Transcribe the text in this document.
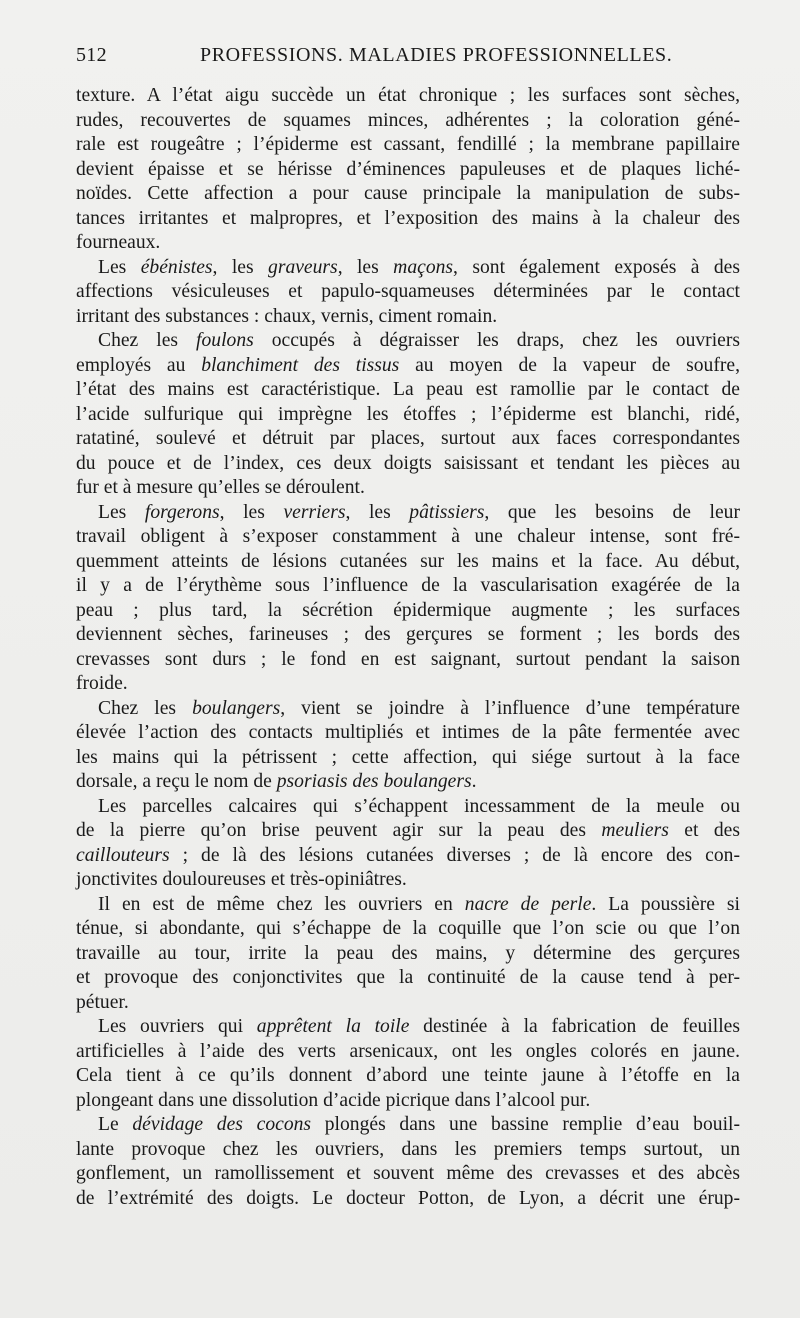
512	PROFESSIONS. MALADIES PROFESSIONNELLES.
texture. A l’état aigu succède un état chronique ; les surfaces sont sèches,
rudes, recouvertes de squames minces, adhérentes ; la coloration géné-
rale est rougeâtre ; l’épiderme est cassant, fendillé ; la membrane papillaire
devient épaisse et se hérisse d’éminences papuleuses et de plaques liché-
noïdes. Cette affection a pour cause principale la manipulation de subs-
tances irritantes et malpropres, et l’exposition des mains à la chaleur des
fourneaux.
Les ébénistes, les graveurs, les maçons, sont également exposés à des
affections vésiculeuses et papulo-squameuses déterminées par le contact
irritant des substances : chaux, vernis, ciment romain.
Chez les foulons occupés à dégraisser les draps, chez les ouvriers
employés au blanchiment des tissus au moyen de la vapeur de soufre,
l’état des mains est caractéristique. La peau est ramollie par le contact de
l’acide sulfurique qui imprègne les étoffes ; l’épiderme est blanchi, ridé,
ratatiné, soulevé et détruit par places, surtout aux faces correspondantes
du pouce et de l’index, ces deux doigts saisissant et tendant les pièces au
fur et à mesure qu’elles se déroulent.
Les forgerons, les verriers, les pâtissiers, que les besoins de leur
travail obligent à s’exposer constamment à une chaleur intense, sont fré-
quemment atteints de lésions cutanées sur les mains et la face. Au début,
il y a de l’érythème sous l’influence de la vascularisation exagérée de la
peau ; plus tard, la sécrétion épidermique augmente ; les surfaces
deviennent sèches, farineuses ; des gerçures se forment ; les bords des
crevasses sont durs ; le fond en est saignant, surtout pendant la saison
froide.
Chez les boulangers, vient se joindre à l’influence d’une température
élevée l’action des contacts multipliés et intimes de la pâte fermentée avec
les mains qui la pétrissent ; cette affection, qui siége surtout à la face
dorsale, a reçu le nom de psoriasis des boulangers.
Les parcelles calcaires qui s’échappent incessamment de la meule ou
de la pierre qu’on brise peuvent agir sur la peau des meuliers et des
cailloutеurs ; de là des lésions cutanées diverses ; de là encore des con-
jonctivites douloureuses et très-opiniâtres.
Il en est de même chez les ouvriers en nacre de perle. La poussière si
ténue, si abondante, qui s’échappe de la coquille que l’on scie ou que l’on
travaille au tour, irrite la peau des mains, y détermine des gerçures
et provoque des conjonctivites que la continuité de la cause tend à per-
pétuer.
Les ouvriers qui apprêtent la toile destinée à la fabrication de feuilles
artificielles à l’aide des verts arsenicaux, ont les ongles colorés en jaune.
Cela tient à ce qu’ils donnent d’abord une teinte jaune à l’étoffe en la
plongeant dans une dissolution d’acide picrique dans l’alcool pur.
Le dévidage des cocons plongés dans une bassine remplie d’eau bouil-
lante provoque chez les ouvriers, dans les premiers temps surtout, un
gonflement, un ramollissement et souvent même des crevasses et des abcès
de l’extrémité des doigts. Le docteur Potton, de Lyon, a décrit une érup-
